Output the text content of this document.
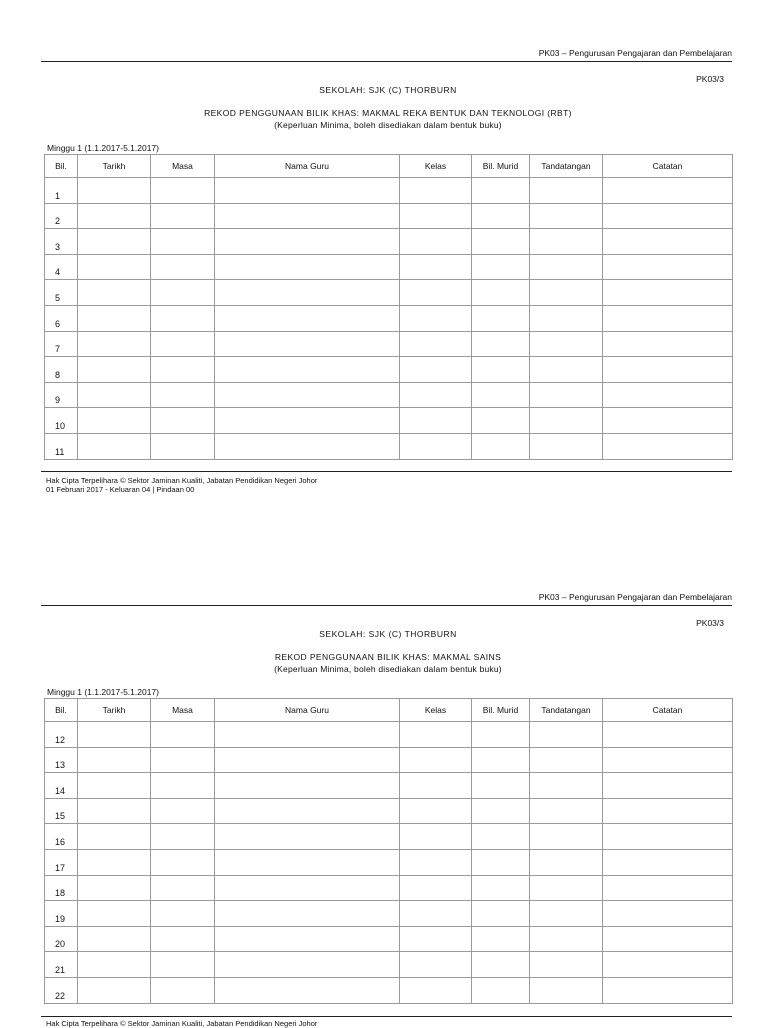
PK03 – Pengurusan Pengajaran dan Pembelajaran
PK03/3
SEKOLAH: SJK (C) THORBURN
REKOD PENGGUNAAN BILIK KHAS: MAKMAL REKA BENTUK DAN TEKNOLOGI (RBT)
(Keperluan Minima, boleh disediakan dalam bentuk buku)
Minggu 1 (1.1.2017-5.1.2017)
Bil.	Tarikh	Masa	Nama Guru	Kelas	Bil. Murid	Tandatangan	Catatan
1							
2							
3							
4							
5							
6							
7							
8							
9							
10							
11							
Hak Cipta Terpelihara © Sektor Jaminan Kualiti, Jabatan Pendidikan Negeri Johor
01 Februari 2017 - Keluaran 04 | Pindaan 00
PK03 – Pengurusan Pengajaran dan Pembelajaran
PK03/3
SEKOLAH: SJK (C) THORBURN
REKOD PENGGUNAAN BILIK KHAS: MAKMAL SAINS
(Keperluan Minima, boleh disediakan dalam bentuk buku)
Minggu 1 (1.1.2017-5.1.2017)
Bil.	Tarikh	Masa	Nama Guru	Kelas	Bil. Murid	Tandatangan	Catatan
12							
13							
14							
15							
16							
17							
18							
19							
20							
21							
22							
Hak Cipta Terpelihara © Sektor Jaminan Kualiti, Jabatan Pendidikan Negeri Johor
